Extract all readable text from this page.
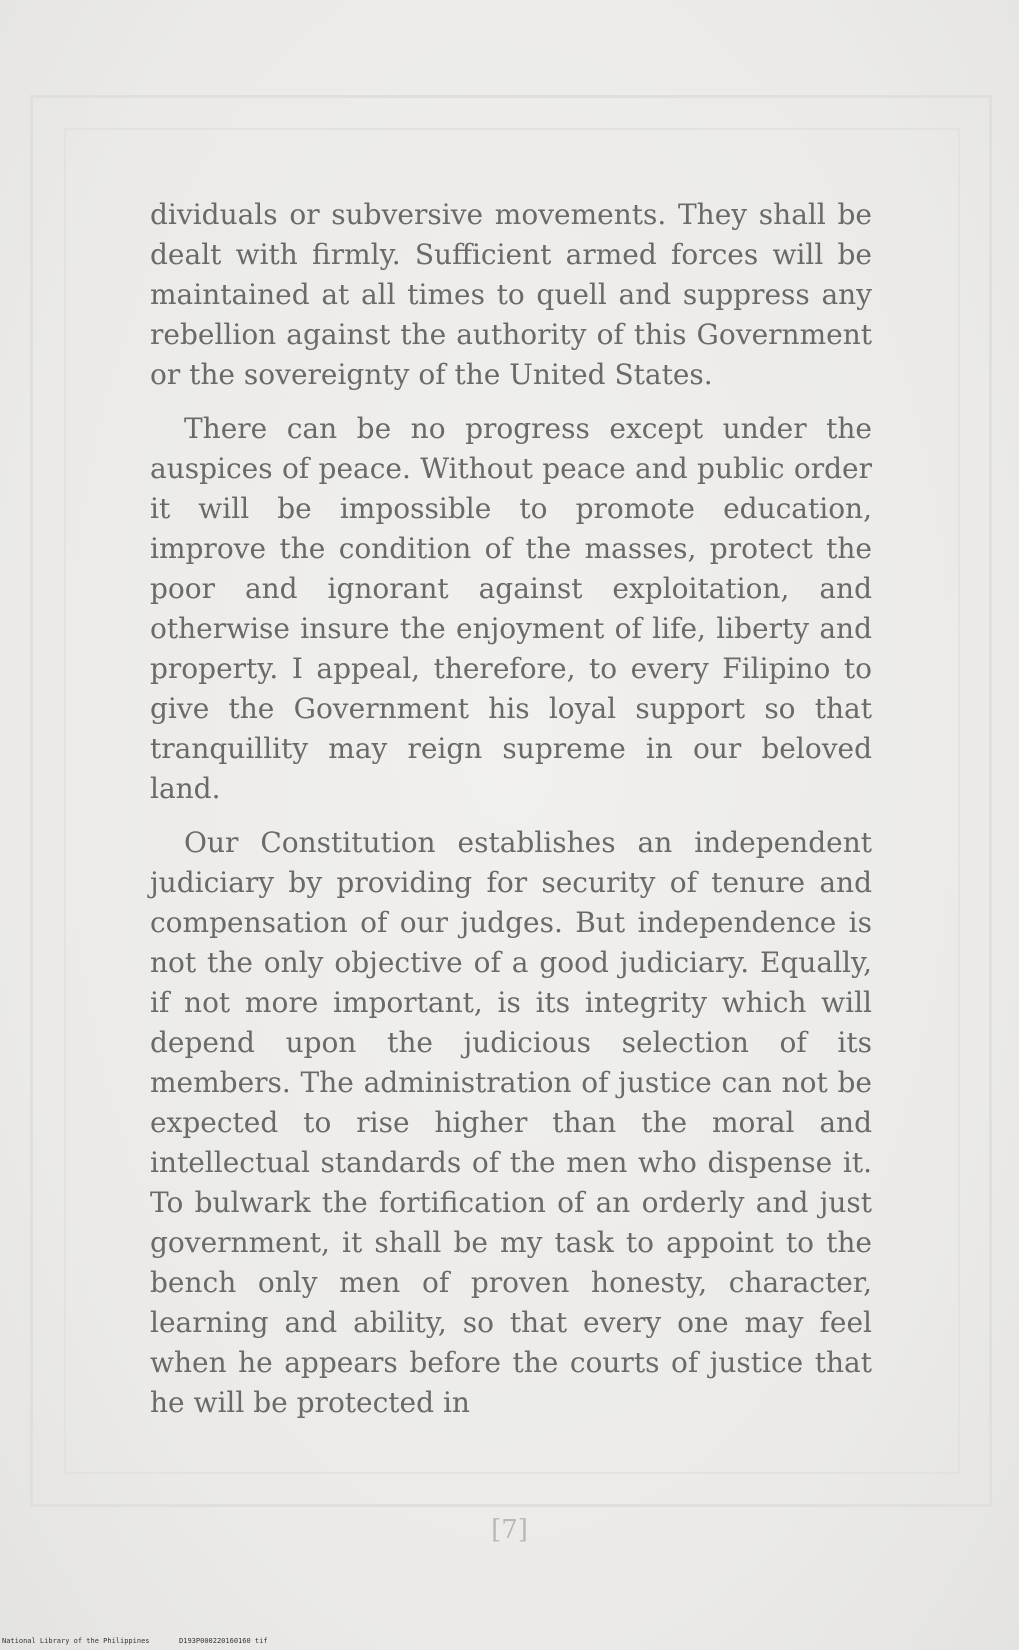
dividuals or subversive movements. They shall be dealt with firmly. Sufficient armed forces will be maintained at all times to quell and suppress any rebellion against the authority of this Government or the sovereignty of the United States.

There can be no progress except under the auspices of peace. Without peace and public order it will be impossible to promote education, improve the condition of the masses, protect the poor and ignorant against exploitation, and otherwise insure the enjoyment of life, liberty and property. I appeal, therefore, to every Filipino to give the Government his loyal support so that tranquillity may reign supreme in our beloved land.

Our Constitution establishes an independent judiciary by providing for security of tenure and compensation of our judges. But independence is not the only objective of a good judiciary. Equally, if not more important, is its integrity which will depend upon the judicious selection of its members. The administration of justice can not be expected to rise higher than the moral and intellectual standards of the men who dispense it. To bulwark the fortification of an orderly and just government, it shall be my task to appoint to the bench only men of proven honesty, character, learning and ability, so that every one may feel when he appears before the courts of justice that he will be protected in

[7]
National Library of the Philippines	D193P000220160160 tif
